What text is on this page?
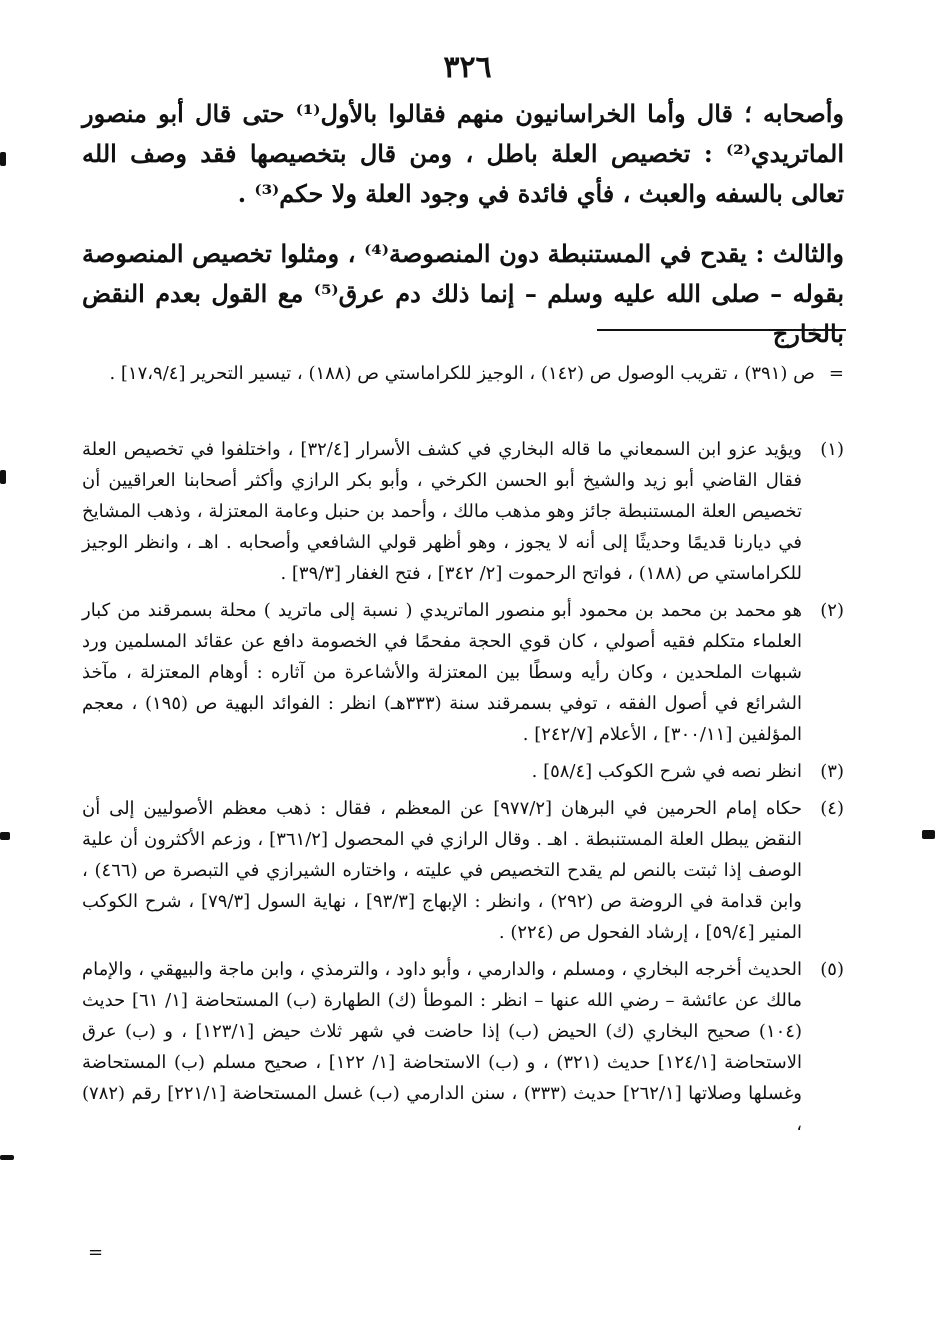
٣٢٦

وأصحابه ؛ قال وأما الخراسانيون منهم فقالوا بالأول⁽¹⁾ حتى قال أبو منصور الماتريدي⁽²⁾ : تخصيص العلة باطل ، ومن قال بتخصيصها فقد وصف الله تعالى بالسفه والعبث ، فأي فائدة في وجود العلة ولا حكم⁽³⁾ .

والثالث : يقدح في المستنبطة دون المنصوصة⁽⁴⁾ ، ومثلوا تخصيص المنصوصة بقوله – صلى الله عليه وسلم – إنما ذلك دم عرق⁽⁵⁾ مع القول بعدم النقض بالخارج

=ص (٣٩١) ، تقريب الوصول ص (١٤٢) ، الوجيز للكراماستي ص (١٨٨) ، تيسير التحرير [١٧،٩/٤] .
(١)
ويؤيد عزو ابن السمعاني ما قاله البخاري في كشف الأسرار [٣٢/٤] ، واختلفوا في تخصيص العلة فقال القاضي أبو زيد والشيخ أبو الحسن الكرخي ، وأبو بكر الرازي وأكثر أصحابنا العراقيين أن تخصيص العلة المستنبطة جائز وهو مذهب مالك ، وأحمد بن حنبل وعامة المعتزلة ، وذهب المشايخ في ديارنا قديمًا وحديثًا إلى أنه لا يجوز ، وهو أظهر قولي الشافعي وأصحابه . اهـ ، وانظر الوجيز للكراماستي ص (١٨٨) ، فواتح الرحموت [٢/ ٣٤٢] ، فتح الغفار [٣٩/٣] .
(٢)
هو محمد بن محمد بن محمود أبو منصور الماتريدي ( نسبة إلى ماتريد ) محلة بسمرقند من كبار العلماء متكلم فقيه أصولي ، كان قوي الحجة مفحمًا في الخصومة دافع عن عقائد المسلمين ورد شبهات الملحدين ، وكان رأيه وسطًا بين المعتزلة والأشاعرة من آثاره : أوهام المعتزلة ، مآخذ الشرائع في أصول الفقه ، توفي بسمرقند سنة (٣٣٣هـ) انظر : الفوائد البهية ص (١٩٥) ، معجم المؤلفين [٣٠٠/١١] ، الأعلام [٢٤٢/٧] .
(٣)
انظر نصه في شرح الكوكب [٥٨/٤] .
(٤)
حكاه إمام الحرمين في البرهان [٩٧٧/٢] عن المعظم ، فقال : ذهب معظم الأصوليين إلى أن النقض يبطل العلة المستنبطة . اهـ . وقال الرازي في المحصول [٣٦١/٢] ، وزعم الأكثرون أن علية الوصف إذا ثبتت بالنص لم يقدح التخصيص في عليته ، واختاره الشيرازي في التبصرة ص (٤٦٦) ، وابن قدامة في الروضة ص (٢٩٢) ، وانظر : الإبهاج [٩٣/٣] ، نهاية السول [٧٩/٣] ، شرح الكوكب المنير [٥٩/٤] ، إرشاد الفحول ص (٢٢٤) .
(٥)
الحديث أخرجه البخاري ، ومسلم ، والدارمي ، وأبو داود ، والترمذي ، وابن ماجة والبيهقي ، والإمام مالك عن عائشة – رضي الله عنها – انظر : الموطأ (ك) الطهارة (ب) المستحاضة [١/ ٦١] حديث (١٠٤) صحيح البخاري (ك) الحيض (ب) إذا حاضت في شهر ثلاث حيض [١٢٣/١] ، و (ب) عرق الاستحاضة [١٢٤/١] حديث (٣٢١) ، و (ب) الاستحاضة [١/ ١٢٢] ، صحيح مسلم (ب) المستحاضة وغسلها وصلاتها [٢٦٢/١] حديث (٣٣٣) ، سنن الدارمي (ب) غسل المستحاضة [٢٢١/١] رقم (٧٨٢) ،
=
